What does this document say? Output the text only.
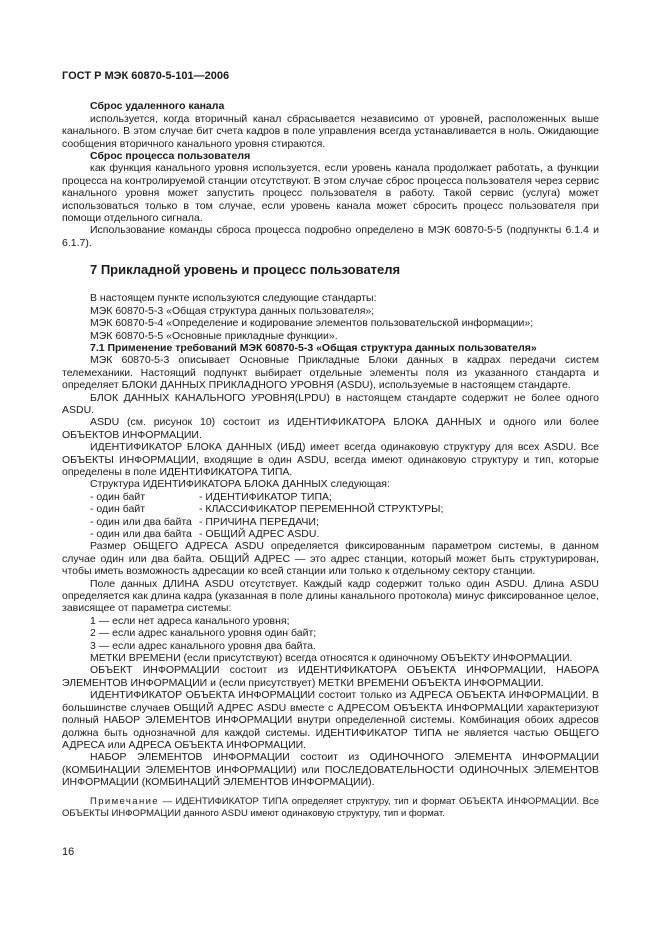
ГОСТ Р МЭК 60870-5-101—2006
Сброс удаленного канала

используется, когда вторичный канал сбрасывается независимо от уровней, расположенных выше канального. В этом случае бит счета кадров в поле управления всегда устанавливается в ноль. Ожидающие сообщения вторичного канального уровня стираются.

Сброс процесса пользователя

как функция канального уровня используется, если уровень канала продолжает работать, а функции процесса на контролируемой станции отсутствуют. В этом случае сброс процесса пользователя через сервис канального уровня может запустить процесс пользователя в работу. Такой сервис (услуга) может использоваться только в том случае, если уровень канала может сбросить процесс пользователя при помощи отдельного сигнала.

Использование команды сброса процесса подробно определено в МЭК 60870-5-5 (подпункты 6.1.4 и 6.1.7).

7 Прикладной уровень и процесс пользователя

В настоящем пункте используются следующие стандарты:

МЭК 60870-5-3 «Общая структура данных пользователя»;

МЭК 60870-5-4 «Определение и кодирование элементов пользовательской информации»;

МЭК 60870-5-5 «Основные прикладные функции».

7.1 Применение требований МЭК 60870-5-3 «Общая структура данных пользователя»

МЭК 60870-5-3 описывает Основные Прикладные Блоки данных в кадрах передачи систем телемеханики. Настоящий подпункт выбирает отдельные элементы поля из указанного стандарта и определяет БЛОКИ ДАННЫХ ПРИКЛАДНОГО УРОВНЯ (ASDU), используемые в настоящем стандарте.

БЛОК ДАННЫХ КАНАЛЬНОГО УРОВНЯ(LPDU) в настоящем стандарте содержит не более одного ASDU.

ASDU (см. рисунок 10) состоит из ИДЕНТИФИКАТОРА БЛОКА ДАННЫХ и одного или более ОБЪЕКТОВ ИНФОРМАЦИИ.

ИДЕНТИФИКАТОР БЛОКА ДАННЫХ (ИБД) имеет всегда одинаковую структуру для всех ASDU. Все ОБЪЕКТЫ ИНФОРМАЦИИ, входящие в один ASDU, всегда имеют одинаковую структуру и тип, которые определены в поле ИДЕНТИФИКАТОРА ТИПА.

Структура ИДЕНТИФИКАТОРА БЛОКА ДАННЫХ следующая:

- один байт	- ИДЕНТИФИКАТОР ТИПА;
- один байт	- КЛАССИФИКАТОР ПЕРЕМЕННОЙ СТРУКТУРЫ;
- один или два байта - ПРИЧИНА ПЕРЕДАЧИ;
- один или два байта - ОБЩИЙ АДРЕС ASDU.

Размер ОБЩЕГО АДРЕСА ASDU определяется фиксированным параметром системы, в данном случае один или два байта. ОБЩИЙ АДРЕС — это адрес станции, который может быть структурирован, чтобы иметь возможность адресации ко всей станции или только к отдельному сектору станции.

Поле данных ДЛИНА ASDU отсутствует. Каждый кадр содержит только один ASDU. Длина ASDU определяется как длина кадра (указанная в поле длины канального протокола) минус фиксированное целое, зависящее от параметра системы:

1 — если нет адреса канального уровня;

2 — если адрес канального уровня один байт;

3 — если адрес канального уровня два байта.

МЕТКИ ВРЕМЕНИ (если присутствуют) всегда относятся к одиночному ОБЪЕКТУ ИНФОРМАЦИИ.

ОБЪЕКТ ИНФОРМАЦИИ состоит из ИДЕНТИФИКАТОРА ОБЪЕКТА ИНФОРМАЦИИ, НАБОРА ЭЛЕМЕНТОВ ИНФОРМАЦИИ и (если присутствует) МЕТКИ ВРЕМЕНИ ОБЪЕКТА ИНФОРМАЦИИ.

ИДЕНТИФИКАТОР ОБЪЕКТА ИНФОРМАЦИИ состоит только из АДРЕСА ОБЪЕКТА ИНФОРМАЦИИ. В большинстве случаев ОБЩИЙ АДРЕС ASDU вместе с АДРЕСОМ ОБЪЕКТА ИНФОРМАЦИИ характеризуют полный НАБОР ЭЛЕМЕНТОВ ИНФОРМАЦИИ внутри определенной системы. Комбинация обоих адресов должна быть однозначной для каждой системы. ИДЕНТИФИКАТОР ТИПА не является частью ОБЩЕГО АДРЕСА или АДРЕСА ОБЪЕКТА ИНФОРМАЦИИ.

НАБОР ЭЛЕМЕНТОВ ИНФОРМАЦИИ состоит из ОДИНОЧНОГО ЭЛЕМЕНТА ИНФОРМАЦИИ (КОМБИНАЦИИ ЭЛЕМЕНТОВ ИНФОРМАЦИИ) или ПОСЛЕДОВАТЕЛЬНОСТИ ОДИНОЧНЫХ ЭЛЕМЕНТОВ ИНФОРМАЦИИ (КОМБИНАЦИЙ ЭЛЕМЕНТОВ ИНФОРМАЦИИ).

Примечание — ИДЕНТИФИКАТОР ТИПА определяет структуру, тип и формат ОБЪЕКТА ИНФОРМАЦИИ. Все ОБЪЕКТЫ ИНФОРМАЦИИ данного ASDU имеют одинаковую структуру, тип и формат.

16
